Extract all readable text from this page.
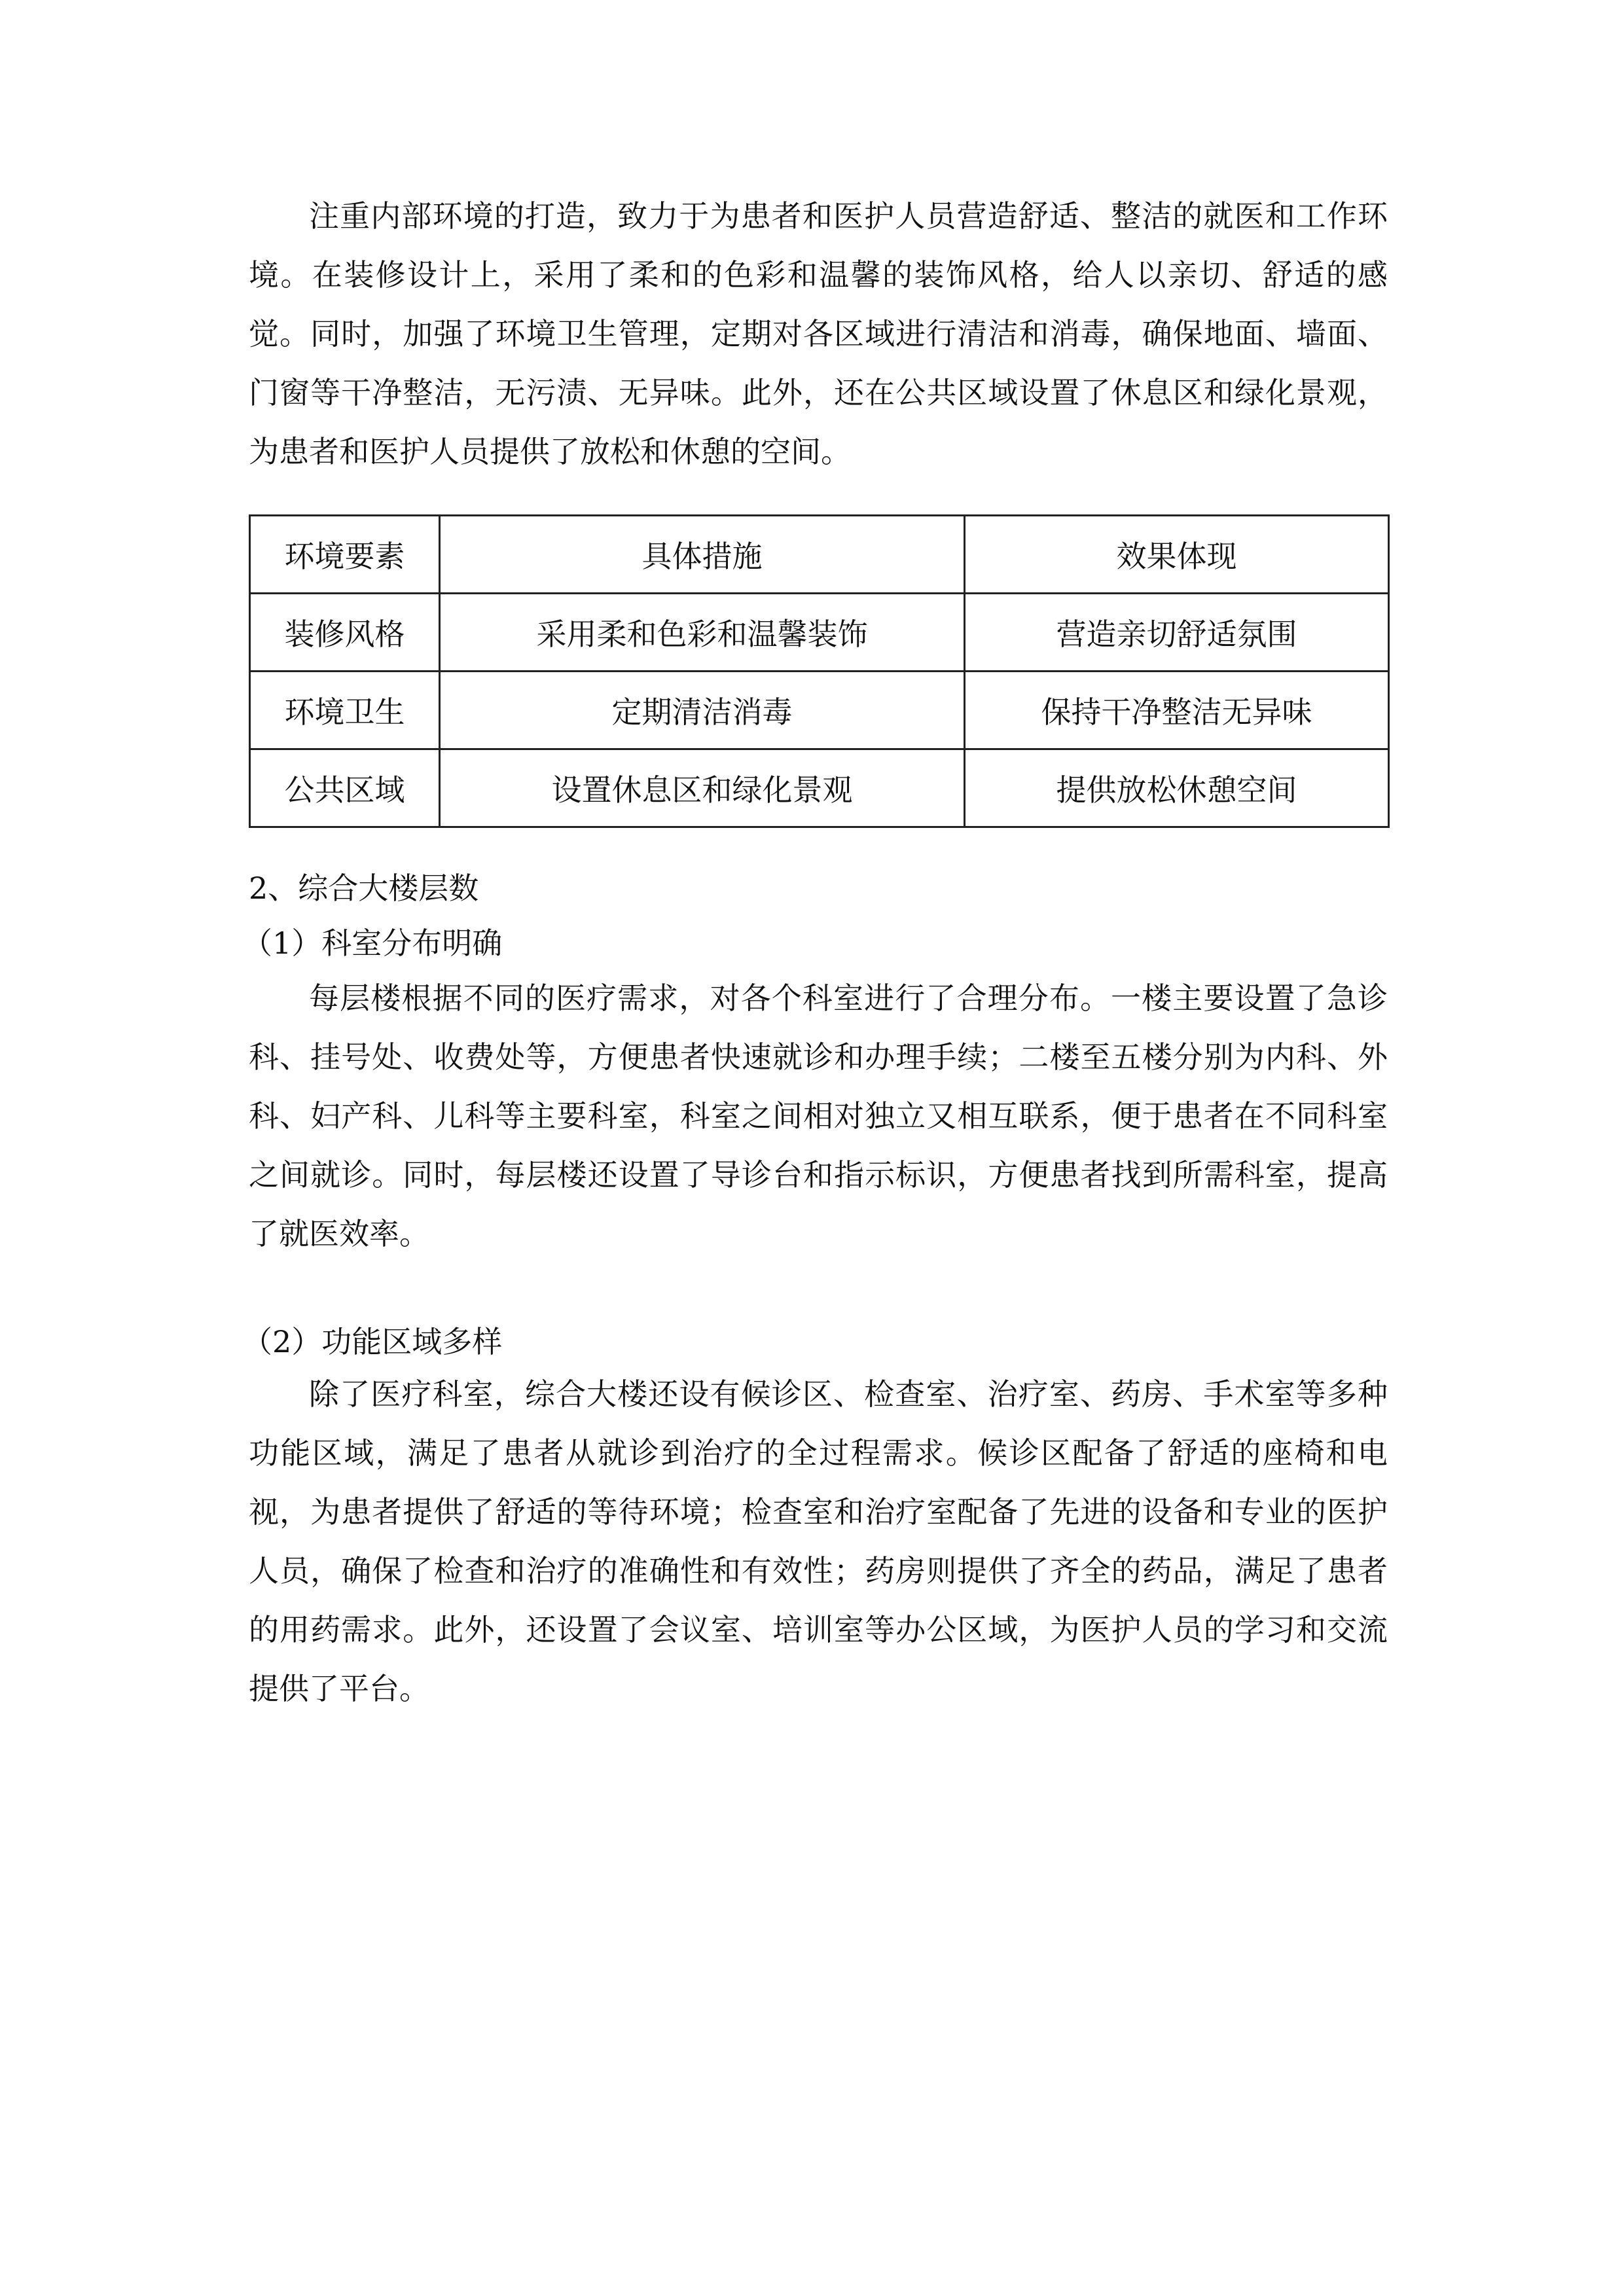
注重内部环境的打造，致力于为患者和医护人员营造舒适、整洁的就医和工作环境。在装修设计上，采用了柔和的色彩和温馨的装饰风格，给人以亲切、舒适的感觉。同时，加强了环境卫生管理，定期对各区域进行清洁和消毒，确保地面、墙面、门窗等干净整洁，无污渍、无异味。此外，还在公共区域设置了休息区和绿化景观，为患者和医护人员提供了放松和休憩的空间。

环境要素	具体措施	效果体现
装修风格	采用柔和色彩和温馨装饰	营造亲切舒适氛围
环境卫生	定期清洁消毒	保持干净整洁无异味
公共区域	设置休息区和绿化景观	提供放松休憩空间

2、综合大楼层数

（1）科室分布明确

每层楼根据不同的医疗需求，对各个科室进行了合理分布。一楼主要设置了急诊科、挂号处、收费处等，方便患者快速就诊和办理手续；二楼至五楼分别为内科、外科、妇产科、儿科等主要科室，科室之间相对独立又相互联系，便于患者在不同科室之间就诊。同时，每层楼还设置了导诊台和指示标识，方便患者找到所需科室，提高了就医效率。

（2）功能区域多样

除了医疗科室，综合大楼还设有候诊区、检查室、治疗室、药房、手术室等多种功能区域，满足了患者从就诊到治疗的全过程需求。候诊区配备了舒适的座椅和电视，为患者提供了舒适的等待环境；检查室和治疗室配备了先进的设备和专业的医护人员，确保了检查和治疗的准确性和有效性；药房则提供了齐全的药品，满足了患者的用药需求。此外，还设置了会议室、培训室等办公区域，为医护人员的学习和交流提供了平台。
